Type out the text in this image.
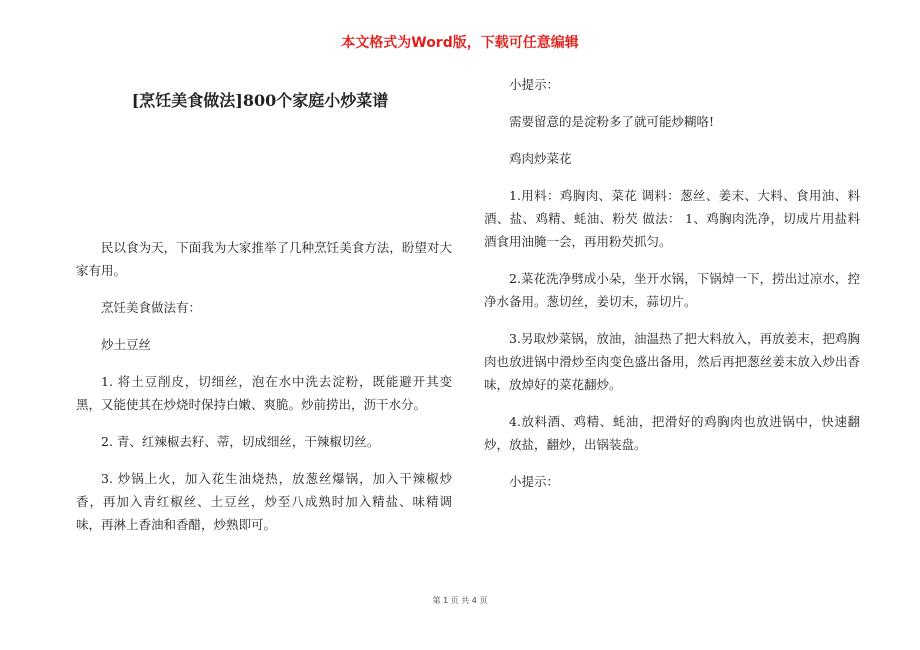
本文格式为Word版，下载可任意编辑
[烹饪美食做法]800个家庭小炒菜谱

民以食为天，下面我为大家推举了几种烹饪美食方法，盼望对大家有用。

烹饪美食做法有：

炒土豆丝

1. 将土豆削皮，切细丝，泡在水中洗去淀粉，既能避开其变黑，又能使其在炒烧时保持白嫩、爽脆。炒前捞出，沥干水分。

2. 青、红辣椒去籽、蒂，切成细丝，干辣椒切丝。

3. 炒锅上火，加入花生油烧热，放葱丝爆锅，加入干辣椒炒香，再加入青红椒丝、土豆丝，炒至八成熟时加入精盐、味精调 味，再淋上香油和香醋，炒熟即可。

小提示：

需要留意的是淀粉多了就可能炒糊咯!

鸡肉炒菜花

1.用料：鸡胸肉、菜花 调料：葱丝、姜末、大料、食用油、料酒、盐、鸡精、蚝油、粉芡 做法： 1、鸡胸肉洗净，切成片用盐料酒食用油腌一会，再用粉芡抓匀。

2.菜花洗净劈成小朵，坐开水锅，下锅焯一下，捞出过凉水，控净水备用。葱切丝，姜切末，蒜切片。

3.另取炒菜锅，放油，油温热了把大料放入，再放姜末，把鸡胸肉也放进锅中滑炒至肉变色盛出备用，然后再把葱丝姜末放入炒出香味，放焯好的菜花翻炒。

4.放料酒、鸡精、蚝油，把滑好的鸡胸肉也放进锅中，快速翻炒，放盐，翻炒，出锅装盘。

小提示：

第 1 页 共 4 页
